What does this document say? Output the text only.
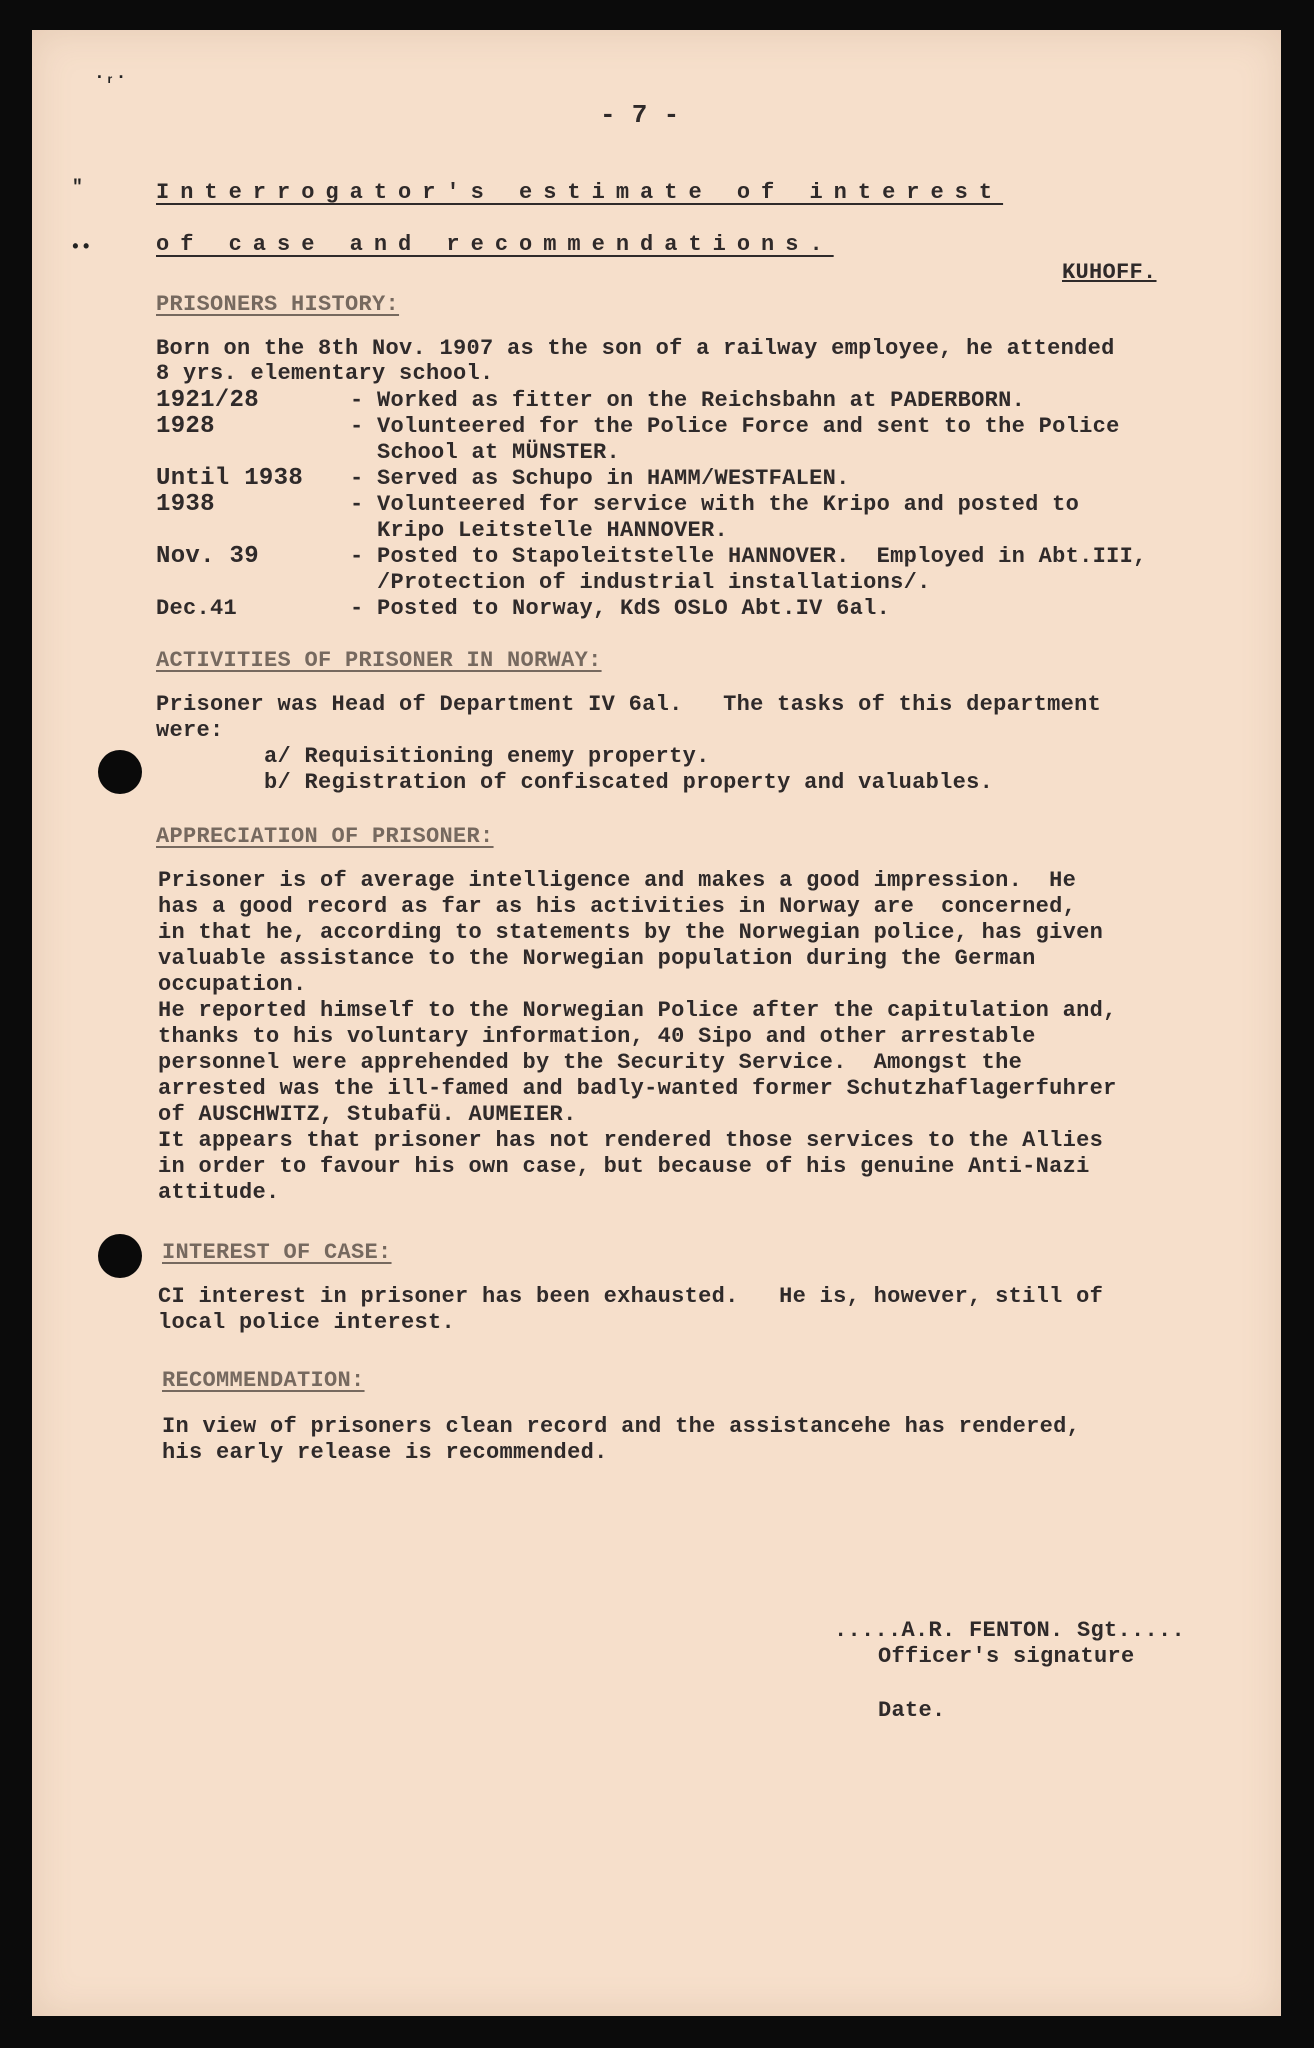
·ᵣ·
"
••
- 7 -
Interrogator's estimate of interest
of case and recommendations.
KUHOFF.
PRISONERS HISTORY:
Born on the 8th Nov. 1907 as the son of a railway employee, he attended
8 yrs. elementary school.
1921/28	- Worked as fitter on the Reichsbahn at PADERBORN.
1928	- Volunteered for the Police Force and sent to the Police
School at MÜNSTER.
Until 1938 - Served as Schupo in HAMM/WESTFALEN.
1938	- Volunteered for service with the Kripo and posted to
Kripo Leitstelle HANNOVER.
Nov. 39	- Posted to Stapoleitstelle HANNOVER.  Employed in Abt.III,
/Protection of industrial installations/.
Dec.41	- Posted to Norway, KdS OSLO Abt.IV 6al.
ACTIVITIES OF PRISONER IN NORWAY:
Prisoner was Head of Department IV 6al.   The tasks of this department
were:
a/ Requisitioning enemy property.
b/ Registration of confiscated property and valuables.
APPRECIATION OF PRISONER:
Prisoner is of average intelligence and makes a good impression.  He
has a good record as far as his activities in Norway are  concerned,
in that he, according to statements by the Norwegian police, has given
valuable assistance to the Norwegian population during the German
occupation.
He reported himself to the Norwegian Police after the capitulation and,
thanks to his voluntary information, 40 Sipo and other arrestable
personnel were apprehended by the Security Service.  Amongst the
arrested was the ill-famed and badly-wanted former Schutzhaflagerfuhrer
of AUSCHWITZ, Stubafü. AUMEIER.
It appears that prisoner has not rendered those services to the Allies
in order to favour his own case, but because of his genuine Anti-Nazi
attitude.
INTEREST OF CASE:
CI interest in prisoner has been exhausted.   He is, however, still of
local police interest.
RECOMMENDATION:
In view of prisoners clean record and the assistancehe has rendered,
his early release is recommended.
.....A.R. FENTON. Sgt.....
Officer's signature
Date.
